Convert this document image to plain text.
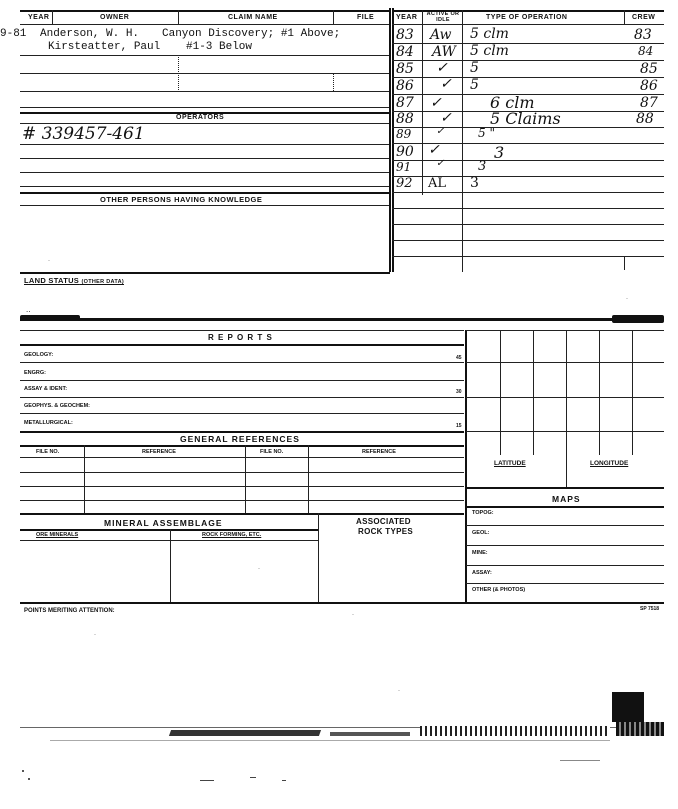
YEAR	OWNER	CLAIM NAME	FILE
9-81 Anderson, W. H. Canyon Discovery; #1 Above;
Kirsteatter, Paul #1-3 Below
OPERATORS
# 339457-461
OTHER PERSONS HAVING KNOWLEDGE
·
YEAR	ACTIVE OR IDLE	TYPE OF OPERATION	CREW
83 Aw 5 clm	83
84 AW 5 clm	84
85 ✓ 5	85
86 ✓ 5	86
87 ✓	6 clm	87
88 ✓ 5 Claims	88
89 ✓	5 "
90 ✓	3
91 ✓	3
92 AL 3
LAND STATUS (OTHER DATA)
..
R E P O R T S
GEOLOGY:	45
ENGRG:
ASSAY & IDENT:	30
GEOPHYS. & GEOCHEM:
METALLURGICAL:	15
GENERAL REFERENCES
FILE NO.	REFERENCE	FILE NO.	REFERENCE
LATITUDE	LONGITUDE
MAPS
TOPOG:
GEOL:
MINE:
ASSAY:
OTHER (& PHOTOS)
MINERAL ASSEMBLAGE
ORE MINERALS	ROCK FORMING, ETC.
·
ASSOCIATED
ROCK TYPES
POINTS MERITING ATTENTION:	SP 7518
·
·
·
·
